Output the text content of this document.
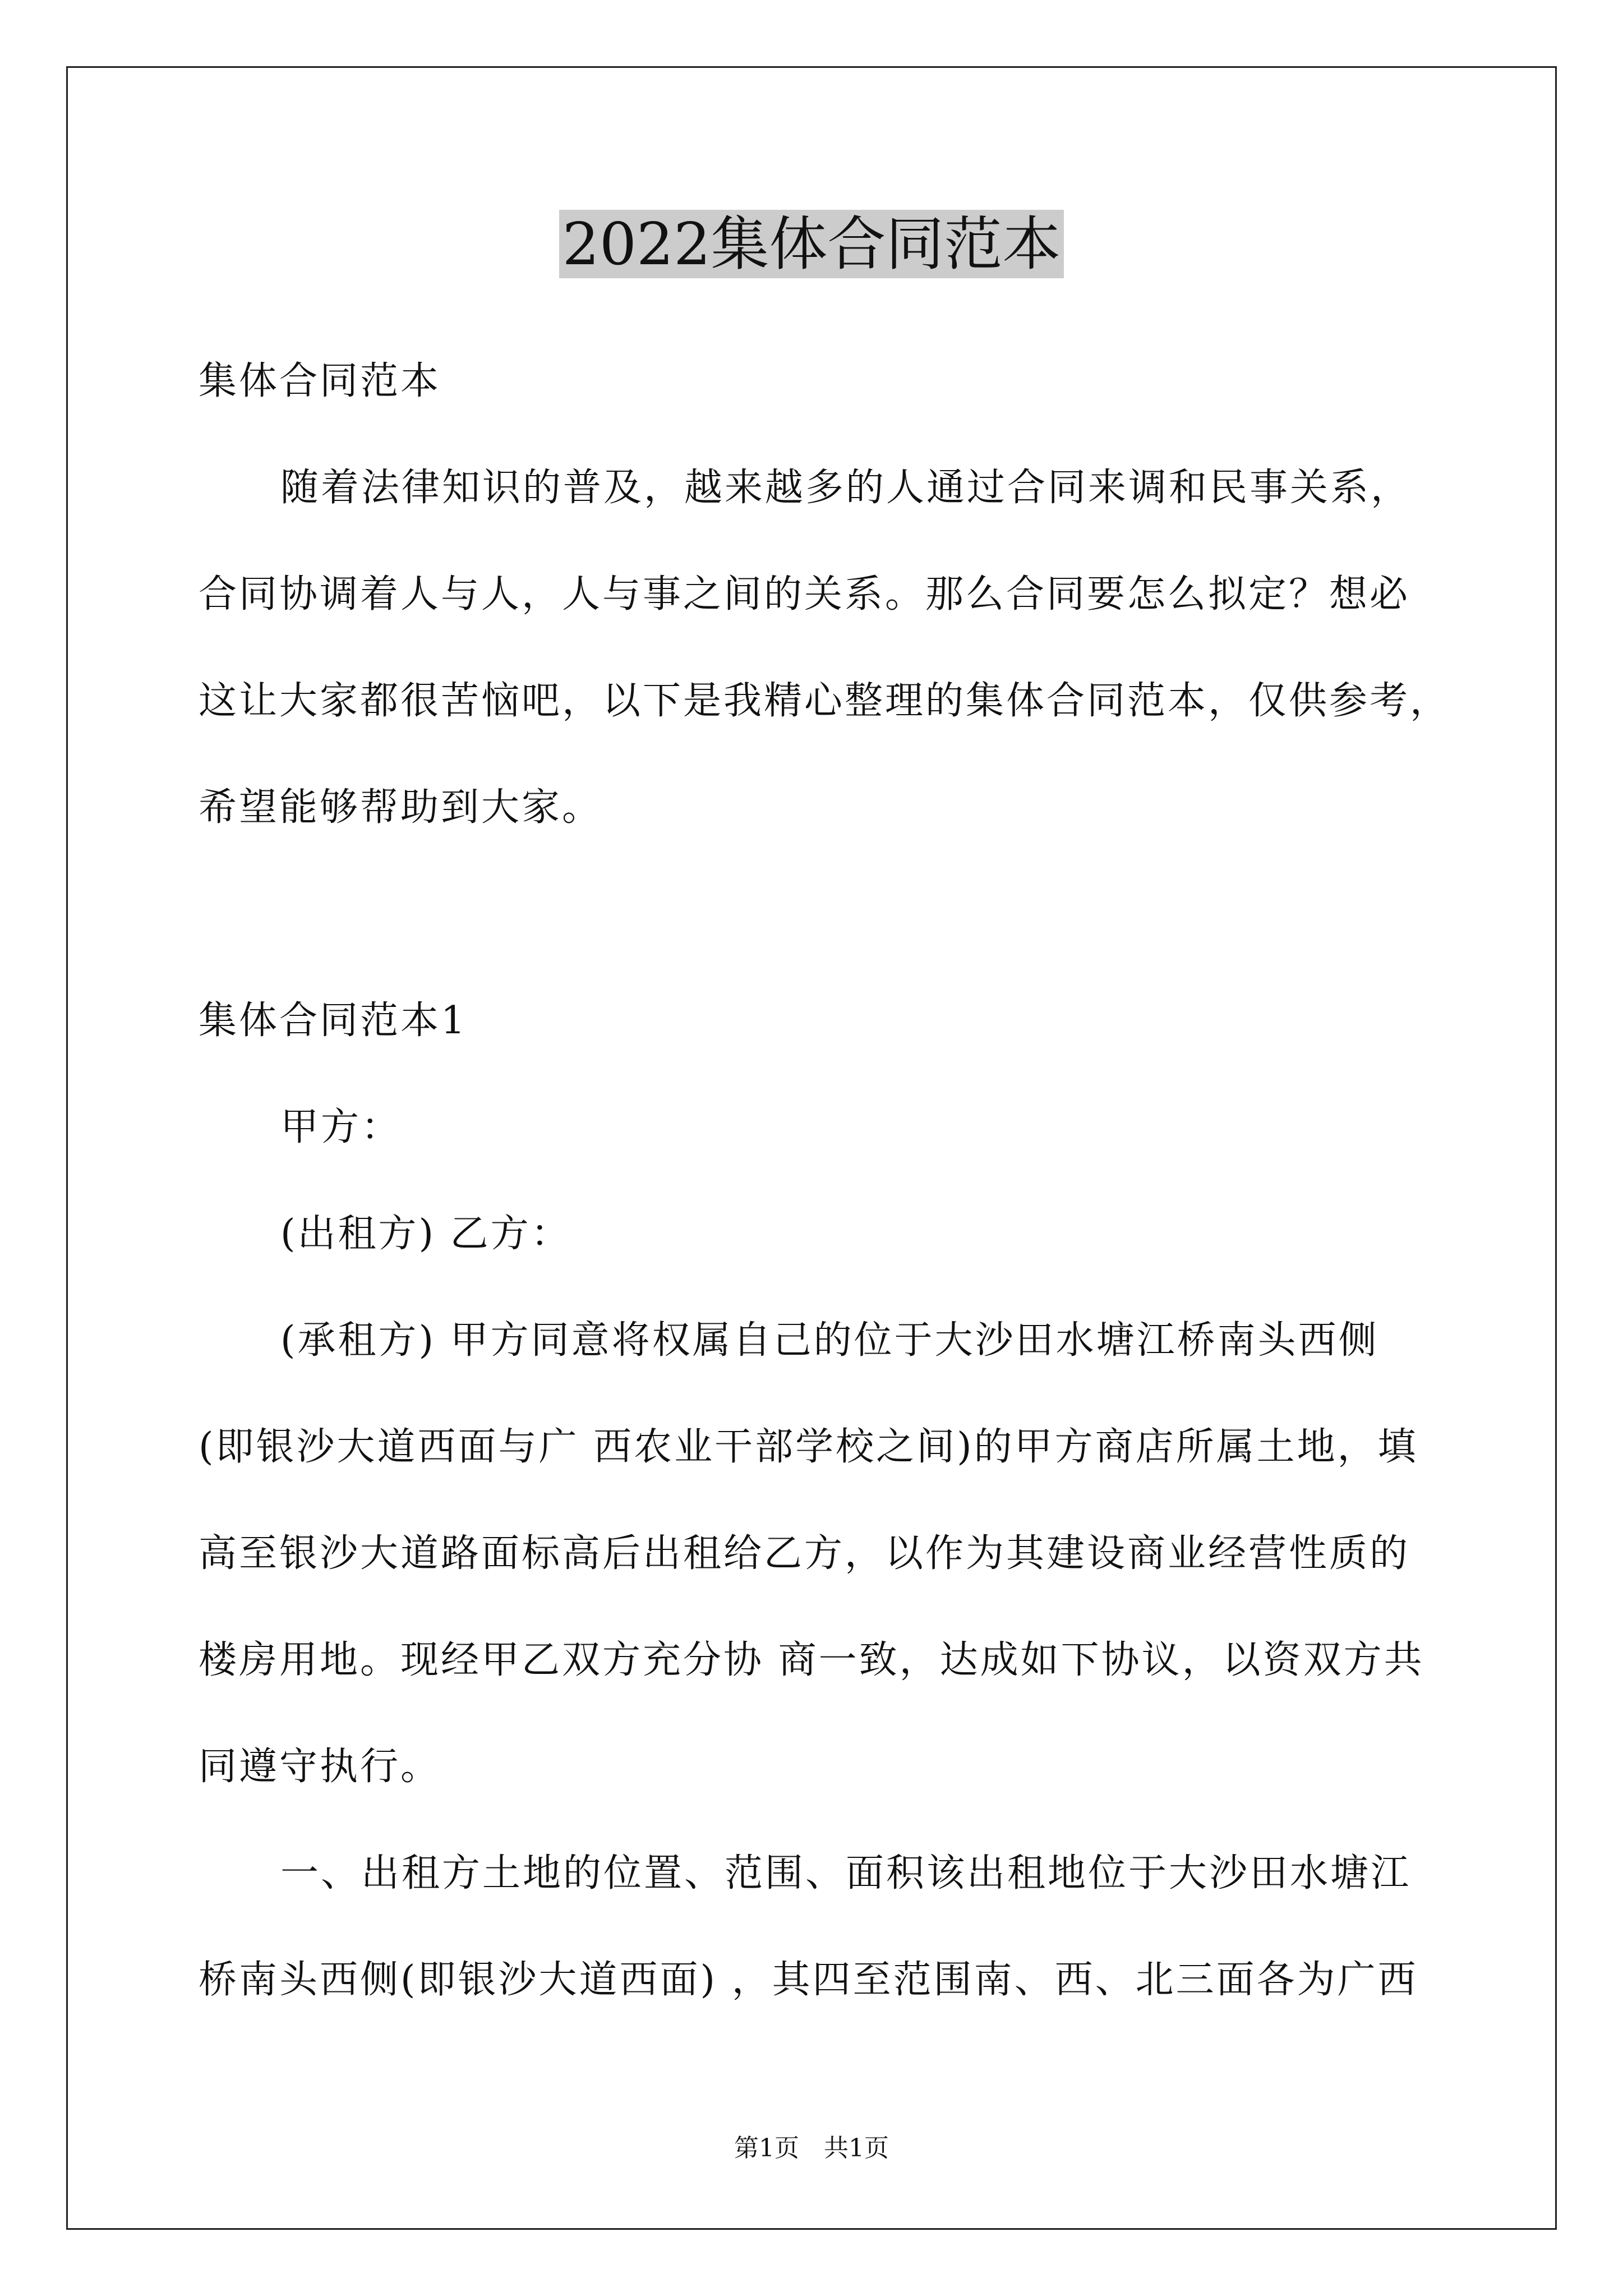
2022集体合同范本
集体合同范本
随着法律知识的普及，越来越多的人通过合同来调和民事关系，
合同协调着人与人，人与事之间的关系。那么合同要怎么拟定？想必
这让大家都很苦恼吧，以下是我精心整理的集体合同范本，仅供参考，
希望能够帮助到大家。
集体合同范本1
甲方：
(出租方) 乙方：
(承租方) 甲方同意将权属自己的位于大沙田水塘江桥南头西侧
(即银沙大道西面与广 西农业干部学校之间)的甲方商店所属土地，填
高至银沙大道路面标高后出租给乙方，以作为其建设商业经营性质的
楼房用地。现经甲乙双方充分协 商一致，达成如下协议，以资双方共
同遵守执行。
一、出租方土地的位置、范围、面积该出租地位于大沙田水塘江
桥南头西侧(即银沙大道西面) ，其四至范围南、西、北三面各为广西
第1页　共1页
